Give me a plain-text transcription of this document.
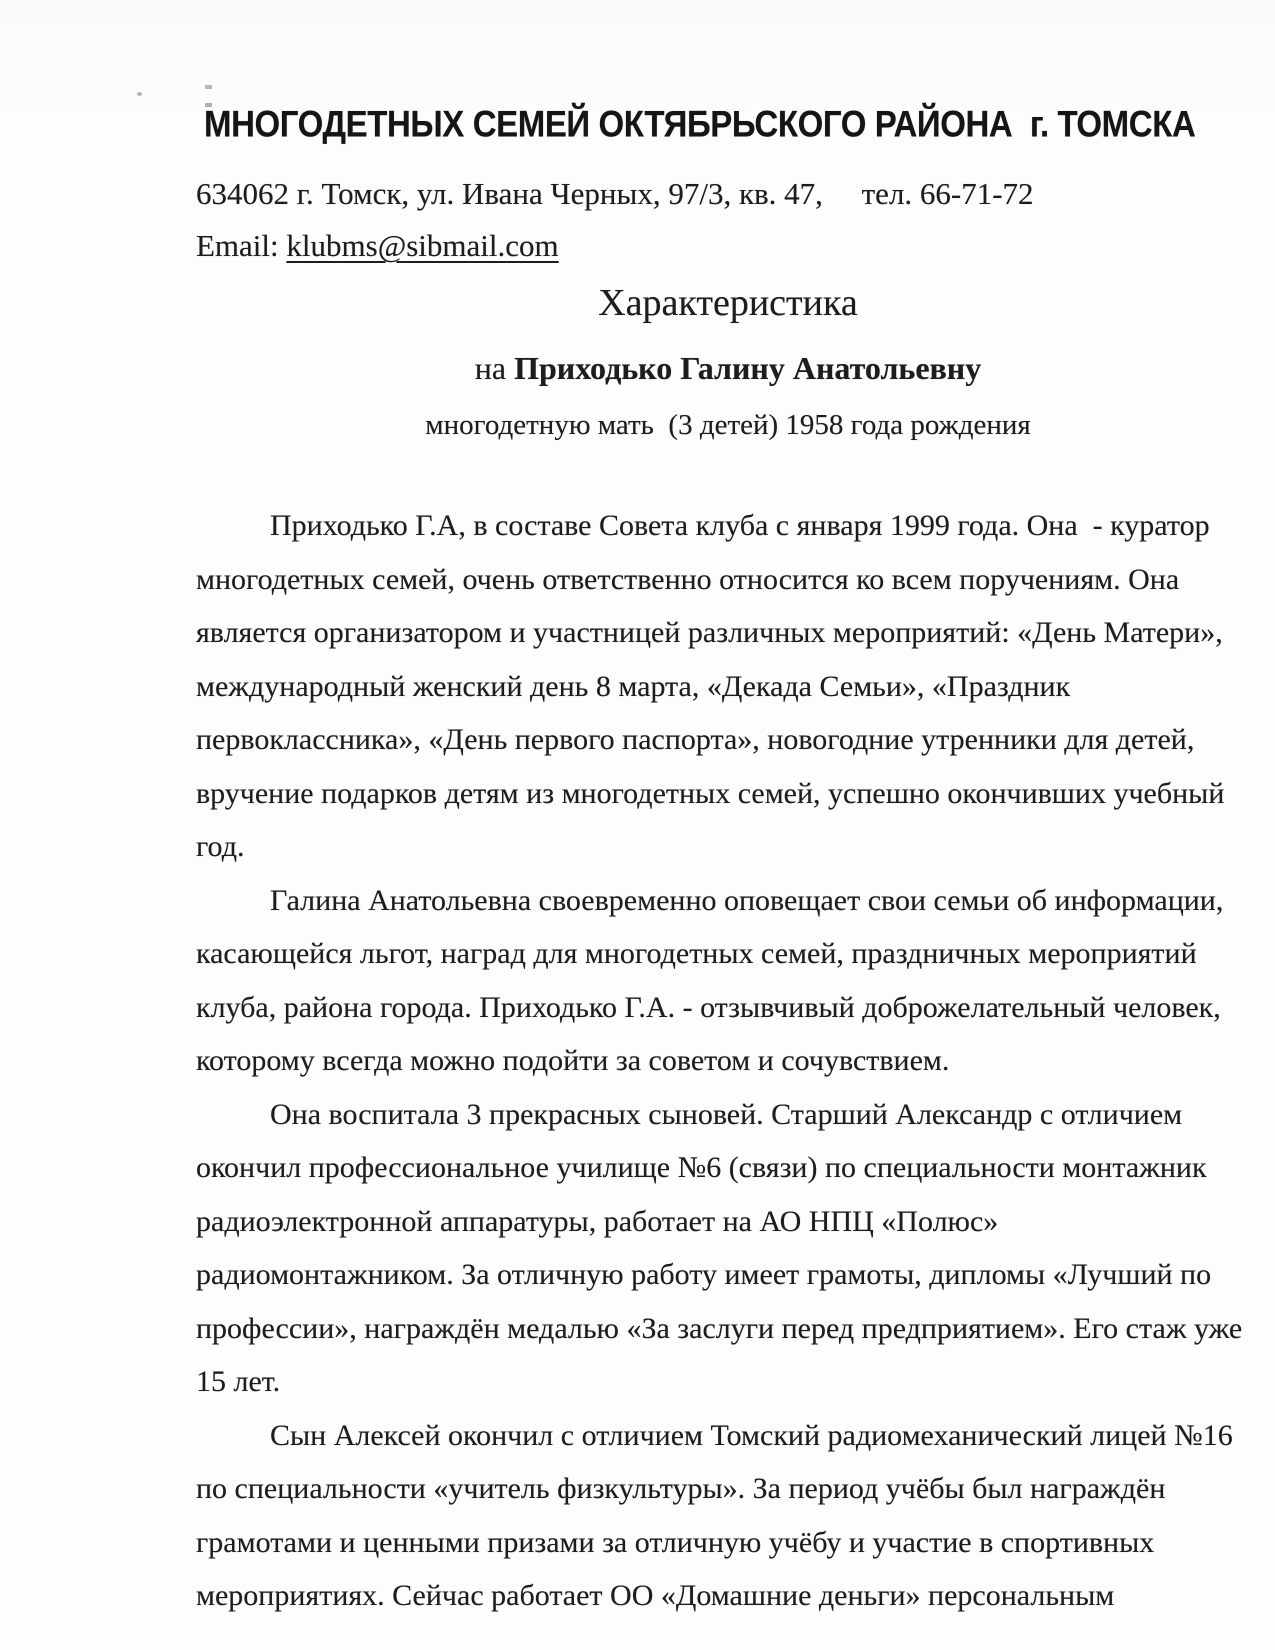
МНОГОДЕТНЫХ СЕМЕЙ ОКТЯБРЬСКОГО РАЙОНА  г. ТОМСКА
634062 г. Томск, ул. Ивана Черных, 97/3, кв. 47,     тел. 66-71-72
Email: klubms@sibmail.com
Характеристика
на Приходько Галину Анатольевну
многодетную мать  (3 детей) 1958 года рождения
Приходько Г.А, в составе Совета клуба с января 1999 года. Она  - куратор
многодетных семей, очень ответственно относится ко всем поручениям. Она
является организатором и участницей различных мероприятий: «День Матери»,
международный женский день 8 марта, «Декада Семьи», «Праздник
первоклассника», «День первого паспорта», новогодние утренники для детей,
вручение подарков детям из многодетных семей, успешно окончивших учебный
год.
Галина Анатольевна своевременно оповещает свои семьи об информации,
касающейся льгот, наград для многодетных семей, праздничных мероприятий
клуба, района города. Приходько Г.А. - отзывчивый доброжелательный человек,
которому всегда можно подойти за советом и сочувствием.
Она воспитала 3 прекрасных сыновей. Старший Александр с отличием
окончил профессиональное училище №6 (связи) по специальности монтажник
радиоэлектронной аппаратуры, работает на АО НПЦ «Полюс»
радиомонтажником. За отличную работу имеет грамоты, дипломы «Лучший по
профессии», награждён медалью «За заслуги перед предприятием». Его стаж уже
15 лет.
Сын Алексей окончил с отличием Томский радиомеханический лицей №16
по специальности «учитель физкультуры». За период учёбы был награждён
грамотами и ценными призами за отличную учёбу и участие в спортивных
мероприятиях. Сейчас работает ОО «Домашние деньги» персональным
